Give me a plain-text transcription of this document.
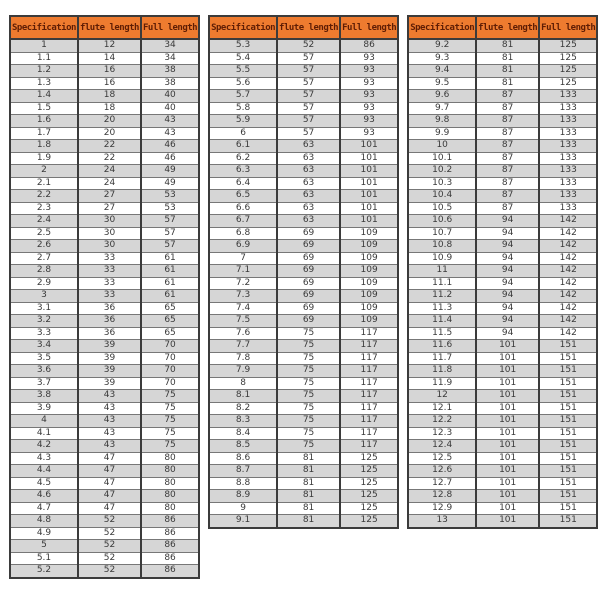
Specification	flute length	Full length
1	12	34
1.1	14	34
1.2	16	38
1.3	16	38
1.4	18	40
1.5	18	40
1.6	20	43
1.7	20	43
1.8	22	46
1.9	22	46
2	24	49
2.1	24	49
2.2	27	53
2.3	27	53
2.4	30	57
2.5	30	57
2.6	30	57
2.7	33	61
2.8	33	61
2.9	33	61
3	33	61
3.1	36	65
3.2	36	65
3.3	36	65
3.4	39	70
3.5	39	70
3.6	39	70
3.7	39	70
3.8	43	75
3.9	43	75
4	43	75
4.1	43	75
4.2	43	75
4.3	47	80
4.4	47	80
4.5	47	80
4.6	47	80
4.7	47	80
4.8	52	86
4.9	52	86
5	52	86
5.1	52	86
5.2	52	86
Specification	flute length	Full length
5.3	52	86
5.4	57	93
5.5	57	93
5.6	57	93
5.7	57	93
5.8	57	93
5.9	57	93
6	57	93
6.1	63	101
6.2	63	101
6.3	63	101
6.4	63	101
6.5	63	101
6.6	63	101
6.7	63	101
6.8	69	109
6.9	69	109
7	69	109
7.1	69	109
7.2	69	109
7.3	69	109
7.4	69	109
7.5	69	109
7.6	75	117
7.7	75	117
7.8	75	117
7.9	75	117
8	75	117
8.1	75	117
8.2	75	117
8.3	75	117
8.4	75	117
8.5	75	117
8.6	81	125
8.7	81	125
8.8	81	125
8.9	81	125
9	81	125
9.1	81	125
Specification	flute length	Full length
9.2	81	125
9.3	81	125
9.4	81	125
9.5	81	125
9.6	87	133
9.7	87	133
9.8	87	133
9.9	87	133
10	87	133
10.1	87	133
10.2	87	133
10.3	87	133
10.4	87	133
10.5	87	133
10.6	94	142
10.7	94	142
10.8	94	142
10.9	94	142
11	94	142
11.1	94	142
11.2	94	142
11.3	94	142
11.4	94	142
11.5	94	142
11.6	101	151
11.7	101	151
11.8	101	151
11.9	101	151
12	101	151
12.1	101	151
12.2	101	151
12.3	101	151
12.4	101	151
12.5	101	151
12.6	101	151
12.7	101	151
12.8	101	151
12.9	101	151
13	101	151
